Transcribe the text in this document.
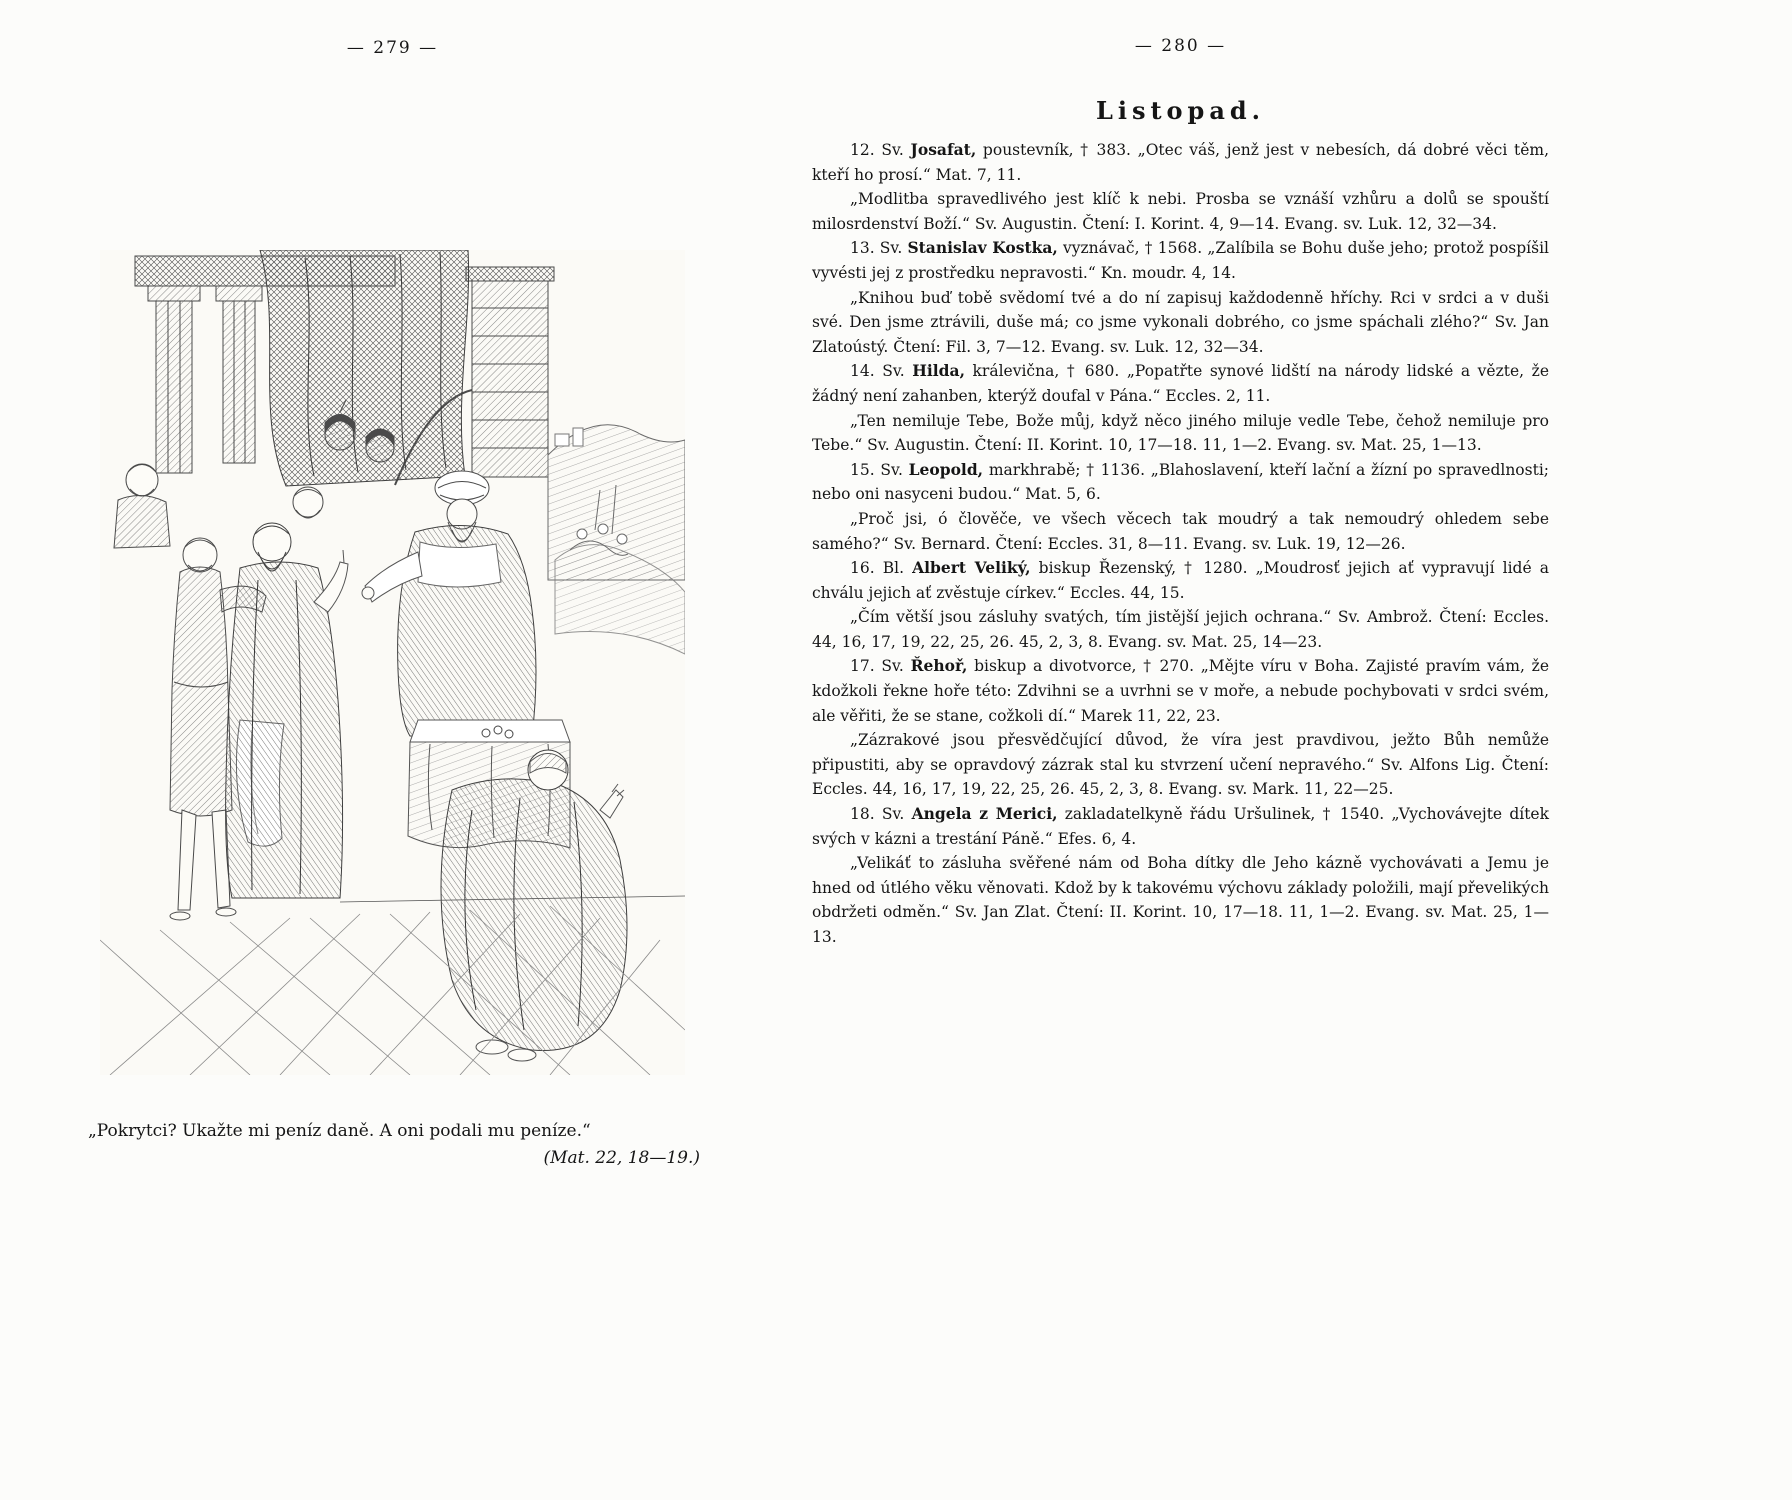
— 279 —
„Pokrytci? Ukažte mi peníz daně. A oni podali mu peníze.“
(Mat. 22, 18—19.)
— 280 —
Listopad.

12. Sv. Josafat, poustevník, † 383. „Otec váš, jenž jest v nebesích, dá dobré věci těm, kteří ho prosí.“ Mat. 7, 11.

„Modlitba spravedlivého jest klíč k nebi. Prosba se vznáší vzhůru a dolů se spouští milosrdenství Boží.“ Sv. Augustin. Čtení: I. Korint. 4, 9—14. Evang. sv. Luk. 12, 32—34.

13. Sv. Stanislav Kostka, vyznávač, † 1568. „Zalíbila se Bohu duše jeho; protož pospíšil vyvésti jej z prostředku nepravosti.“ Kn. moudr. 4, 14.

„Knihou buď tobě svědomí tvé a do ní zapisuj každodenně hříchy. Rci v srdci a v duši své. Den jsme ztrávili, duše má; co jsme vykonali dobrého, co jsme spáchali zlého?“ Sv. Jan Zlatoústý. Čtení: Fil. 3, 7—12. Evang. sv. Luk. 12, 32—34.

14. Sv. Hilda, králevična, † 680. „Popatřte synové lidští na národy lidské a vězte, že žádný není zahanben, kterýž doufal v Pána.“ Eccles. 2, 11.

„Ten nemiluje Tebe, Bože můj, když něco jiného miluje vedle Tebe, čehož nemiluje pro Tebe.“ Sv. Augustin. Čtení: II. Korint. 10, 17—18. 11, 1—2. Evang. sv. Mat. 25, 1—13.

15. Sv. Leopold, markhrabě; † 1136. „Blahoslavení, kteří lační a žízní po spravedlnosti; nebo oni nasyceni budou.“ Mat. 5, 6.

„Proč jsi, ó člověče, ve všech věcech tak moudrý a tak nemoudrý ohledem sebe samého?“ Sv. Bernard. Čtení: Eccles. 31, 8—11. Evang. sv. Luk. 19, 12—26.

16. Bl. Albert Veliký, biskup Řezenský, † 1280. „Moudrosť jejich ať vypravují lidé a chválu jejich ať zvěstuje církev.“ Eccles. 44, 15.

„Čím větší jsou zásluhy svatých, tím jistější jejich ochrana.“ Sv. Ambrož. Čtení: Eccles. 44, 16, 17, 19, 22, 25, 26. 45, 2, 3, 8. Evang. sv. Mat. 25, 14—23.

17. Sv. Řehoř, biskup a divotvorce, † 270. „Mějte víru v Boha. Zajisté pravím vám, že kdožkoli řekne hoře této: Zdvihni se a uvrhni se v moře, a nebude pochybovati v srdci svém, ale věřiti, že se stane, cožkoli dí.“ Marek 11, 22, 23.

„Zázrakové jsou přesvědčující důvod, že víra jest pravdivou, ježto Bůh nemůže připustiti, aby se opravdový zázrak stal ku stvrzení učení nepravého.“ Sv. Alfons Lig. Čtení: Eccles. 44, 16, 17, 19, 22, 25, 26. 45, 2, 3, 8. Evang. sv. Mark. 11, 22—25.

18. Sv. Angela z Merici, zakladatelkyně řádu Uršulinek, † 1540. „Vychovávejte dítek svých v kázni a trestání Páně.“ Efes. 6, 4.

„Velikáť to zásluha svěřené nám od Boha dítky dle Jeho kázně vychovávati a Jemu je hned od útlého věku věnovati. Kdož by k takovému výchovu základy položili, mají převelikých obdržeti odměn.“ Sv. Jan Zlat. Čtení: II. Korint. 10, 17—18. 11, 1—2. Evang. sv. Mat. 25, 1—13.
